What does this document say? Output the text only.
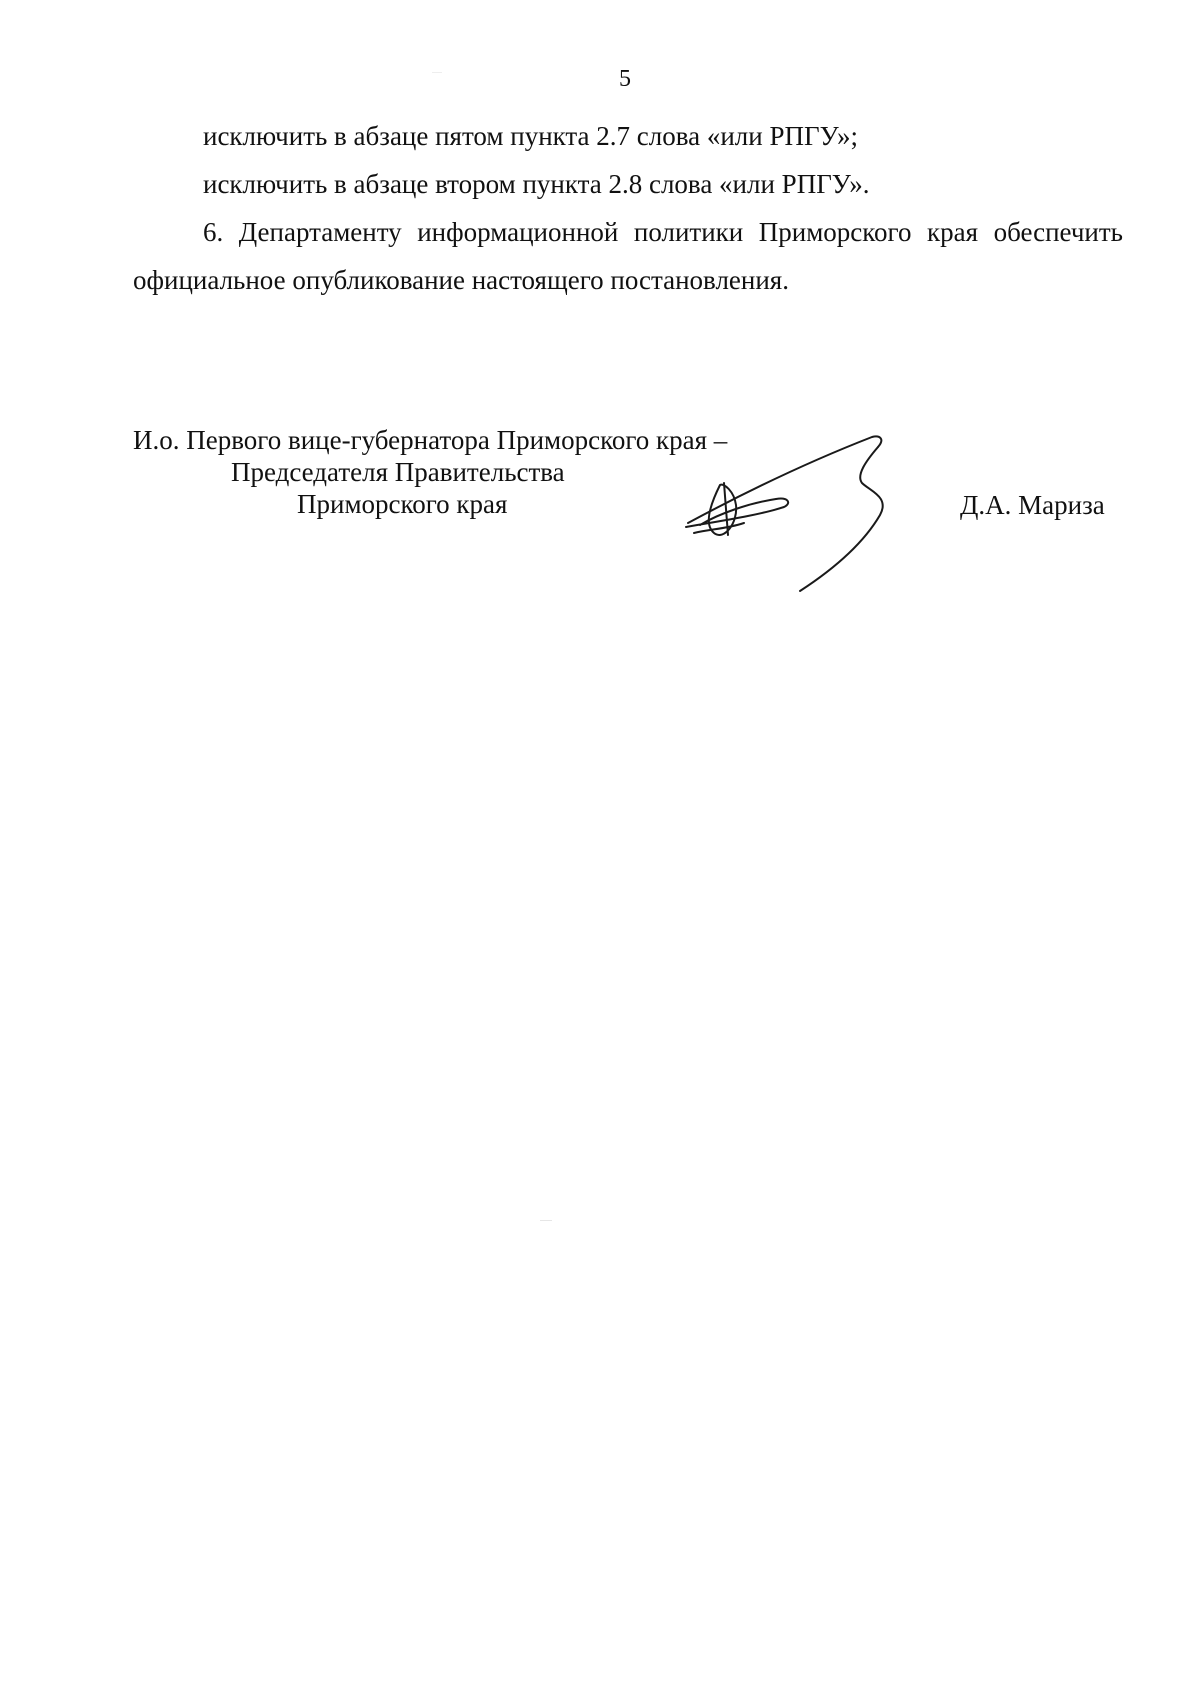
5

исключить в абзаце пятом пункта 2.7 слова «или РПГУ»;

исключить в абзаце втором пункта 2.8 слова «или РПГУ».

6. Департаменту информационной политики Приморского края обеспечить официальное опубликование настоящего постановления.

И.о. Первого вице-губернатора Приморского края –
Председателя Правительства
Приморского края	Д.А. Мариза
